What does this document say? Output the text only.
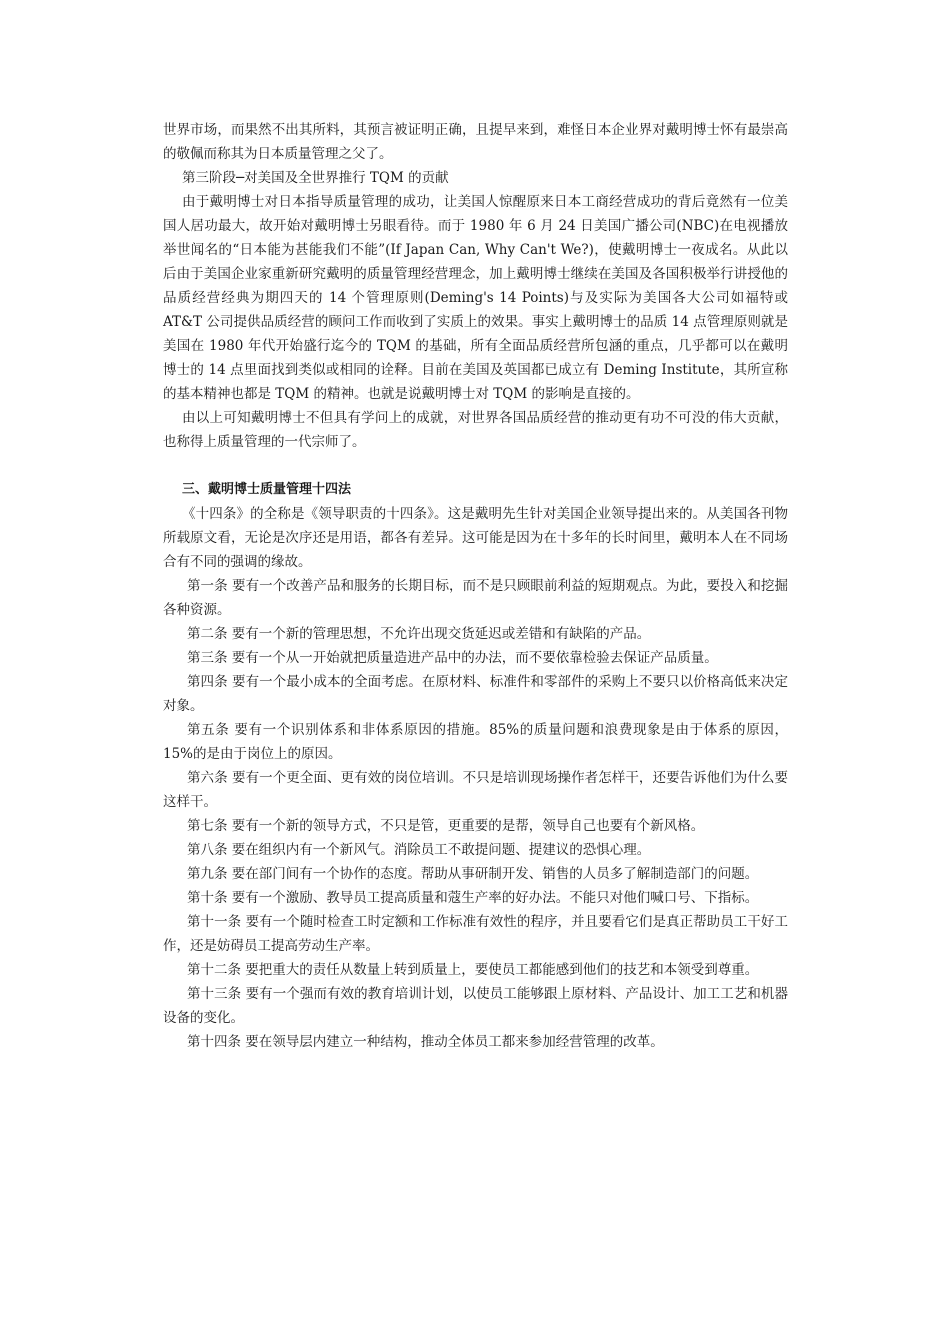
世界市场，而果然不出其所料，其预言被证明正确，且提早来到，难怪日本企业界对戴明博士怀有最崇高的敬佩而称其为日本质量管理之父了。

第三阶段─对美国及全世界推行 TQM 的贡献

由于戴明博士对日本指导质量管理的成功，让美国人惊醒原来日本工商经营成功的背后竟然有一位美国人居功最大，故开始对戴明博士另眼看待。而于 1980 年 6 月 24 日美国广播公司(NBC)在电视播放举世闻名的“日本能为甚能我们不能”(If Japan Can, Why Can't We?)，使戴明博士一夜成名。从此以后由于美国企业家重新研究戴明的质量管理经营理念，加上戴明博士继续在美国及各国积极举行讲授他的品质经营经典为期四天的 14 个管理原则(Deming's 14 Points)与及实际为美国各大公司如福特或 AT&T 公司提供品质经营的顾问工作而收到了实质上的效果。事实上戴明博士的品质 14 点管理原则就是美国在 1980 年代开始盛行迄今的 TQM 的基础，所有全面品质经营所包涵的重点，几乎都可以在戴明博士的 14 点里面找到类似或相同的诠释。目前在美国及英国都已成立有 Deming Institute，其所宣称的基本精神也都是 TQM 的精神。也就是说戴明博士对 TQM 的影响是直接的。

由以上可知戴明博士不但具有学问上的成就，对世界各国品质经营的推动更有功不可没的伟大贡献，也称得上质量管理的一代宗师了。

三、戴明博士质量管理十四法

《十四条》的全称是《领导职责的十四条》。这是戴明先生针对美国企业领导提出来的。从美国各刊物所载原文看，无论是次序还是用语，都各有差异。这可能是因为在十多年的长时间里，戴明本人在不同场合有不同的强调的缘故。

第一条 要有一个改善产品和服务的长期目标，而不是只顾眼前利益的短期观点。为此，要投入和挖掘各种资源。

第二条 要有一个新的管理思想，不允许出现交货延迟或差错和有缺陷的产品。

第三条 要有一个从一开始就把质量造进产品中的办法，而不要依靠检验去保证产品质量。

第四条 要有一个最小成本的全面考虑。在原材料、标准件和零部件的采购上不要只以价格高低来决定对象。

第五条 要有一个识别体系和非体系原因的措施。85%的质量问题和浪费现象是由于体系的原因，15%的是由于岗位上的原因。

第六条 要有一个更全面、更有效的岗位培训。不只是培训现场操作者怎样干，还要告诉他们为什么要这样干。

第七条 要有一个新的领导方式，不只是管，更重要的是帮，领导自己也要有个新风格。

第八条 要在组织内有一个新风气。消除员工不敢提问题、提建议的恐惧心理。

第九条 要在部门间有一个协作的态度。帮助从事研制开发、销售的人员多了解制造部门的问题。

第十条 要有一个激励、教导员工提高质量和蔻生产率的好办法。不能只对他们喊口号、下指标。

第十一条 要有一个随时检查工时定额和工作标准有效性的程序，并且要看它们是真正帮助员工干好工作，还是妨碍员工提高劳动生产率。

第十二条 要把重大的责任从数量上转到质量上，要使员工都能感到他们的技艺和本领受到尊重。

第十三条 要有一个强而有效的教育培训计划，以使员工能够跟上原材料、产品设计、加工工艺和机器设备的变化。

第十四条 要在领导层内建立一种结构，推动全体员工都来参加经营管理的改革。
